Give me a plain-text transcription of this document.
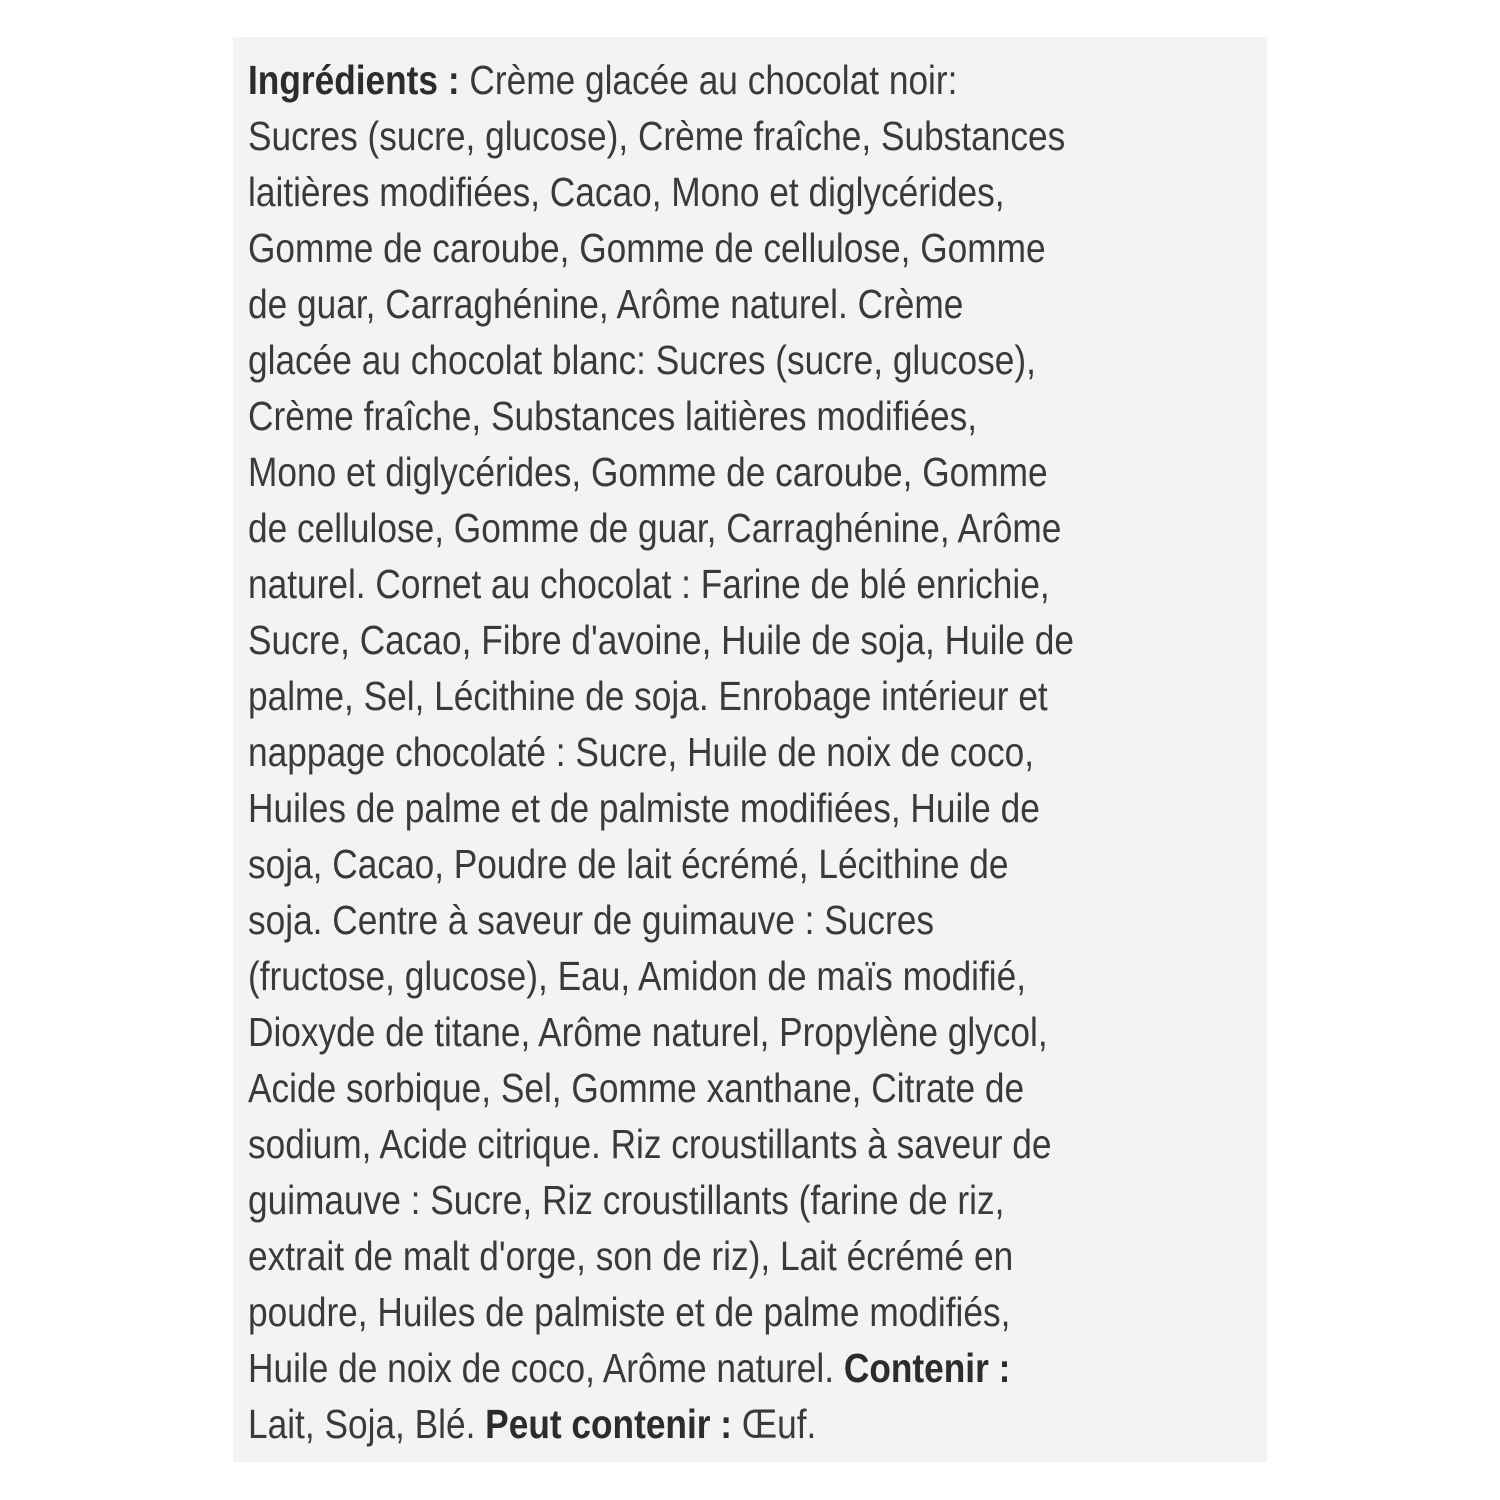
Ingrédients : Crème glacée au chocolat noir:
Sucres (sucre, glucose), Crème fraîche, Substances
laitières modifiées, Cacao, Mono et diglycérides,
Gomme de caroube, Gomme de cellulose, Gomme
de guar, Carraghénine, Arôme naturel. Crème
glacée au chocolat blanc: Sucres (sucre, glucose),
Crème fraîche, Substances laitières modifiées,
Mono et diglycérides, Gomme de caroube, Gomme
de cellulose, Gomme de guar, Carraghénine, Arôme
naturel. Cornet au chocolat : Farine de blé enrichie,
Sucre, Cacao, Fibre d'avoine, Huile de soja, Huile de
palme, Sel, Lécithine de soja. Enrobage intérieur et
nappage chocolaté : Sucre, Huile de noix de coco,
Huiles de palme et de palmiste modifiées, Huile de
soja, Cacao, Poudre de lait écrémé, Lécithine de
soja. Centre à saveur de guimauve : Sucres
(fructose, glucose), Eau, Amidon de maïs modifié,
Dioxyde de titane, Arôme naturel, Propylène glycol,
Acide sorbique, Sel, Gomme xanthane, Citrate de
sodium, Acide citrique. Riz croustillants à saveur de
guimauve : Sucre, Riz croustillants (farine de riz,
extrait de malt d'orge, son de riz), Lait écrémé en
poudre, Huiles de palmiste et de palme modifiés,
Huile de noix de coco, Arôme naturel. Contenir :
Lait, Soja, Blé. Peut contenir : Œuf.
